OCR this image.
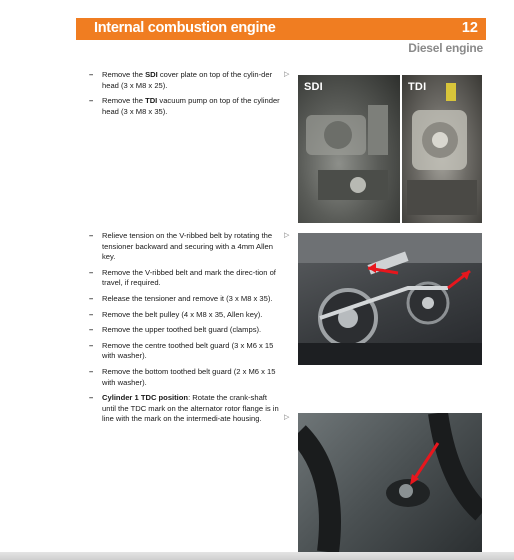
Internal combustion engine	12
Diesel engine
– Remove the SDI cover plate on top of the cylin-der head (3 x M8 x 25).
– Remove the TDI vacuum pump on top of the cylinder head (3 x M8 x 35).
▷
SDI	TDI
– Relieve tension on the V-ribbed belt by rotating the tensioner backward and securing with a 4mm Allen key.
– Remove the V-ribbed belt and mark the direc-tion of travel, if required.
– Release the tensioner and remove it (3 x M8 x 35).
– Remove the belt pulley (4 x M8 x 35, Allen key).
– Remove the upper toothed belt guard (clamps).
– Remove the centre toothed belt guard (3 x M6 x 15 with washer).
– Remove the bottom toothed belt guard (2 x M6 x 15 with washer).
– Cylinder 1 TDC position: Rotate the crank-shaft until the TDC mark on the alternator rotor flange is in line with the mark on the intermedi-ate housing.
▷
▷
